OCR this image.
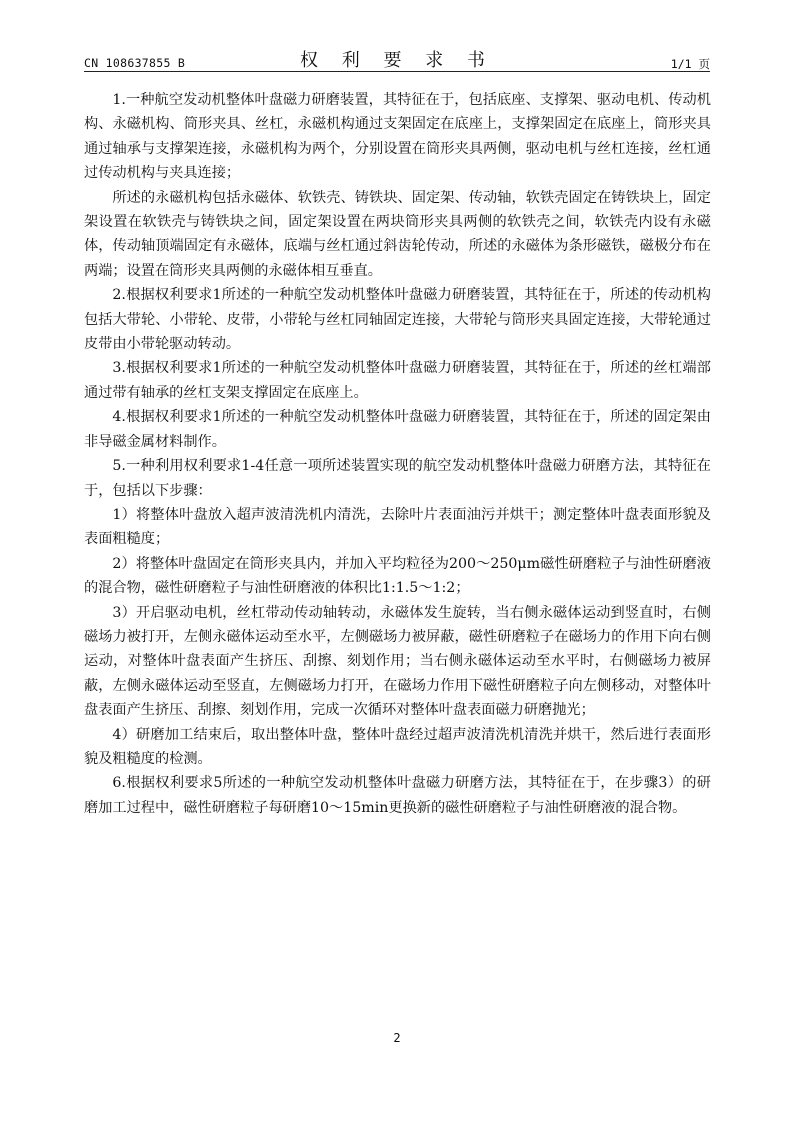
CN 108637855 B	权 利 要 求 书	1/1 页

1.一种航空发动机整体叶盘磁力研磨装置，其特征在于，包括底座、支撑架、驱动电机、传动机构、永磁机构、筒形夹具、丝杠，永磁机构通过支架固定在底座上，支撑架固定在底座上，筒形夹具通过轴承与支撑架连接，永磁机构为两个，分别设置在筒形夹具两侧，驱动电机与丝杠连接，丝杠通过传动机构与夹具连接；

所述的永磁机构包括永磁体、软铁壳、铸铁块、固定架、传动轴，软铁壳固定在铸铁块上，固定架设置在软铁壳与铸铁块之间，固定架设置在两块筒形夹具两侧的软铁壳之间，软铁壳内设有永磁体，传动轴顶端固定有永磁体，底端与丝杠通过斜齿轮传动，所述的永磁体为条形磁铁，磁极分布在两端；设置在筒形夹具两侧的永磁体相互垂直。

2.根据权利要求1所述的一种航空发动机整体叶盘磁力研磨装置，其特征在于，所述的传动机构包括大带轮、小带轮、皮带，小带轮与丝杠同轴固定连接，大带轮与筒形夹具固定连接，大带轮通过皮带由小带轮驱动转动。

3.根据权利要求1所述的一种航空发动机整体叶盘磁力研磨装置，其特征在于，所述的丝杠端部通过带有轴承的丝杠支架支撑固定在底座上。

4.根据权利要求1所述的一种航空发动机整体叶盘磁力研磨装置，其特征在于，所述的固定架由非导磁金属材料制作。

5.一种利用权利要求1-4任意一项所述装置实现的航空发动机整体叶盘磁力研磨方法，其特征在于，包括以下步骤：

1）将整体叶盘放入超声波清洗机内清洗，去除叶片表面油污并烘干；测定整体叶盘表面形貌及表面粗糙度；

2）将整体叶盘固定在筒形夹具内，并加入平均粒径为200～250μm磁性研磨粒子与油性研磨液的混合物，磁性研磨粒子与油性研磨液的体积比1:1.5～1:2；

3）开启驱动电机，丝杠带动传动轴转动，永磁体发生旋转，当右侧永磁体运动到竖直时，右侧磁场力被打开，左侧永磁体运动至水平，左侧磁场力被屏蔽，磁性研磨粒子在磁场力的作用下向右侧运动，对整体叶盘表面产生挤压、刮擦、刻划作用；当右侧永磁体运动至水平时，右侧磁场力被屏蔽，左侧永磁体运动至竖直，左侧磁场力打开，在磁场力作用下磁性研磨粒子向左侧移动，对整体叶盘表面产生挤压、刮擦、刻划作用，完成一次循环对整体叶盘表面磁力研磨抛光；

4）研磨加工结束后，取出整体叶盘，整体叶盘经过超声波清洗机清洗并烘干，然后进行表面形貌及粗糙度的检测。

6.根据权利要求5所述的一种航空发动机整体叶盘磁力研磨方法，其特征在于，在步骤3）的研磨加工过程中，磁性研磨粒子每研磨10～15min更换新的磁性研磨粒子与油性研磨液的混合物。

2
